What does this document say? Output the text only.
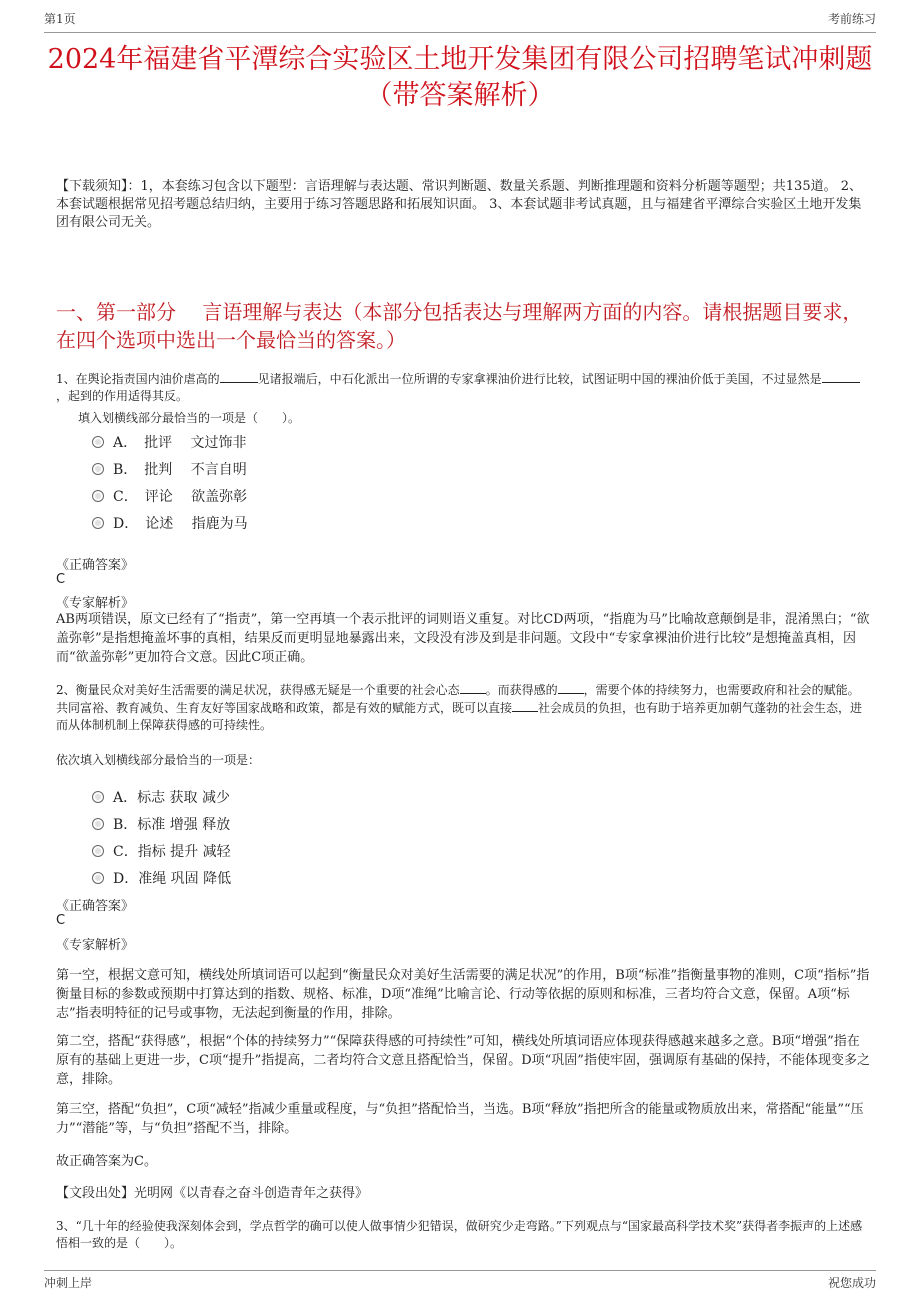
第1页	考前练习
2024年福建省平潭综合实验区土地开发集团有限公司招聘笔试冲刺题（带答案解析）
【下载须知】：1，本套练习包含以下题型：言语理解与表达题、常识判断题、数量关系题、判断推理题和资料分析题等题型；共135道。 2、本套试题根据常见招考题总结归纳，主要用于练习答题思路和拓展知识面。 3、本套试题非考试真题，且与福建省平潭综合实验区土地开发集团有限公司无关。
一、第一部分　 言语理解与表达（本部分包括表达与理解两方面的内容。请根据题目要求，在四个选项中选出一个最恰当的答案。）
1、在舆论指责国内油价虐高的	见诸报端后，中石化派出一位所谓的专家拿裸油价进行比较，试图证明中国的裸油价低于美国，不过显然是，起到的作用适得其反。
填入划横线部分最恰当的一项是（　　）。
A．　批评　 文过饰非
B．　批判　 不言自明
C．　评论　 欲盖弥彰
D．　论述　 指鹿为马
《正确答案》
C
《专家解析》
AB两项错误，原文已经有了“指责”，第一空再填一个表示批评的词则语义重复。对比CD两项，“指鹿为马”比喻故意颠倒是非，混淆黑白；“欲盖弥彰”是指想掩盖坏事的真相，结果反而更明显地暴露出来，文段没有涉及到是非问题。文段中“专家拿裸油价进行比较”是想掩盖真相，因而“欲盖弥彰”更加符合文意。因此C项正确。
2、衡量民众对美好生活需要的满足状况，获得感无疑是一个重要的社会心态 。而获得感的 ，需要个体的持续努力，也需要政府和社会的赋能。共同富裕、教育减负、生育友好等国家战略和政策，都是有效的赋能方式，既可以直接 社会成员的负担，也有助于培养更加朝气蓬勃的社会生态，进而从体制机制上保障获得感的可持续性。
依次填入划横线部分最恰当的一项是：
A．标志 获取 减少
B．标准 增强 释放
C．指标 提升 减轻
D．准绳 巩固 降低
《正确答案》
C
《专家解析》
第一空，根据文意可知，横线处所填词语可以起到“衡量民众对美好生活需要的满足状况”的作用，B项“标准”指衡量事物的准则，C项“指标”指衡量目标的参数或预期中打算达到的指数、规格、标准，D项“准绳”比喻言论、行动等依据的原则和标准，三者均符合文意，保留。A项“标志”指表明特征的记号或事物，无法起到衡量的作用，排除。
第二空，搭配“获得感”，根据“个体的持续努力”“保障获得感的可持续性”可知，横线处所填词语应体现获得感越来越多之意。B项“增强”指在原有的基础上更进一步，C项“提升”指提高，二者均符合文意且搭配恰当，保留。D项“巩固”指使牢固，强调原有基础的保持，不能体现变多之意，排除。
第三空，搭配“负担”，C项“减轻”指减少重量或程度，与“负担”搭配恰当，当选。B项“释放”指把所含的能量或物质放出来，常搭配“能量”“压力”“潜能”等，与“负担”搭配不当，排除。
故正确答案为C。
【文段出处】光明网《以青春之奋斗创造青年之获得》
3、“几十年的经验使我深刻体会到，学点哲学的确可以使人做事情少犯错误，做研究少走弯路。”下列观点与“国家最高科学技术奖”获得者李振声的上述感悟相一致的是（　　）。
冲刺上岸	祝您成功
